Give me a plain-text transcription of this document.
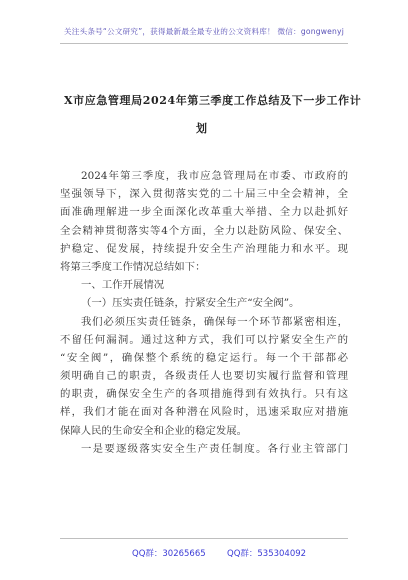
关注头条号“公文研究”，获得最新最全最专业的公文资料库！ 微信：gongwenyj
X市应急管理局2024年第三季度工作总结及下一步工作计
划
2024年第三季度，我市应急管理局在市委、市政府的
坚强领导下，深入贯彻落实党的二十届三中全会精神，全
面准确理解进一步全面深化改革重大举措、全力以赴抓好
全会精神贯彻落实等4个方面，全力以赴防风险、保安全、
护稳定、促发展，持续提升安全生产治理能力和水平。现
将第三季度工作情况总结如下：
一、工作开展情况
（一）压实责任链条，拧紧安全生产“安全阀”。
我们必须压实责任链条，确保每一个环节都紧密相连，
不留任何漏洞。通过这种方式，我们可以拧紧安全生产的
“安全阀”，确保整个系统的稳定运行。每一个干部都必
须明确自己的职责，各级责任人也要切实履行监督和管理
的职责，确保安全生产的各项措施得到有效执行。只有这
样，我们才能在面对各种潜在风险时，迅速采取应对措施
保障人民的生命安全和企业的稳定发展。
一是要逐级落实安全生产责任制度。各行业主管部门
QQ群：30265665	QQ群：535304092
